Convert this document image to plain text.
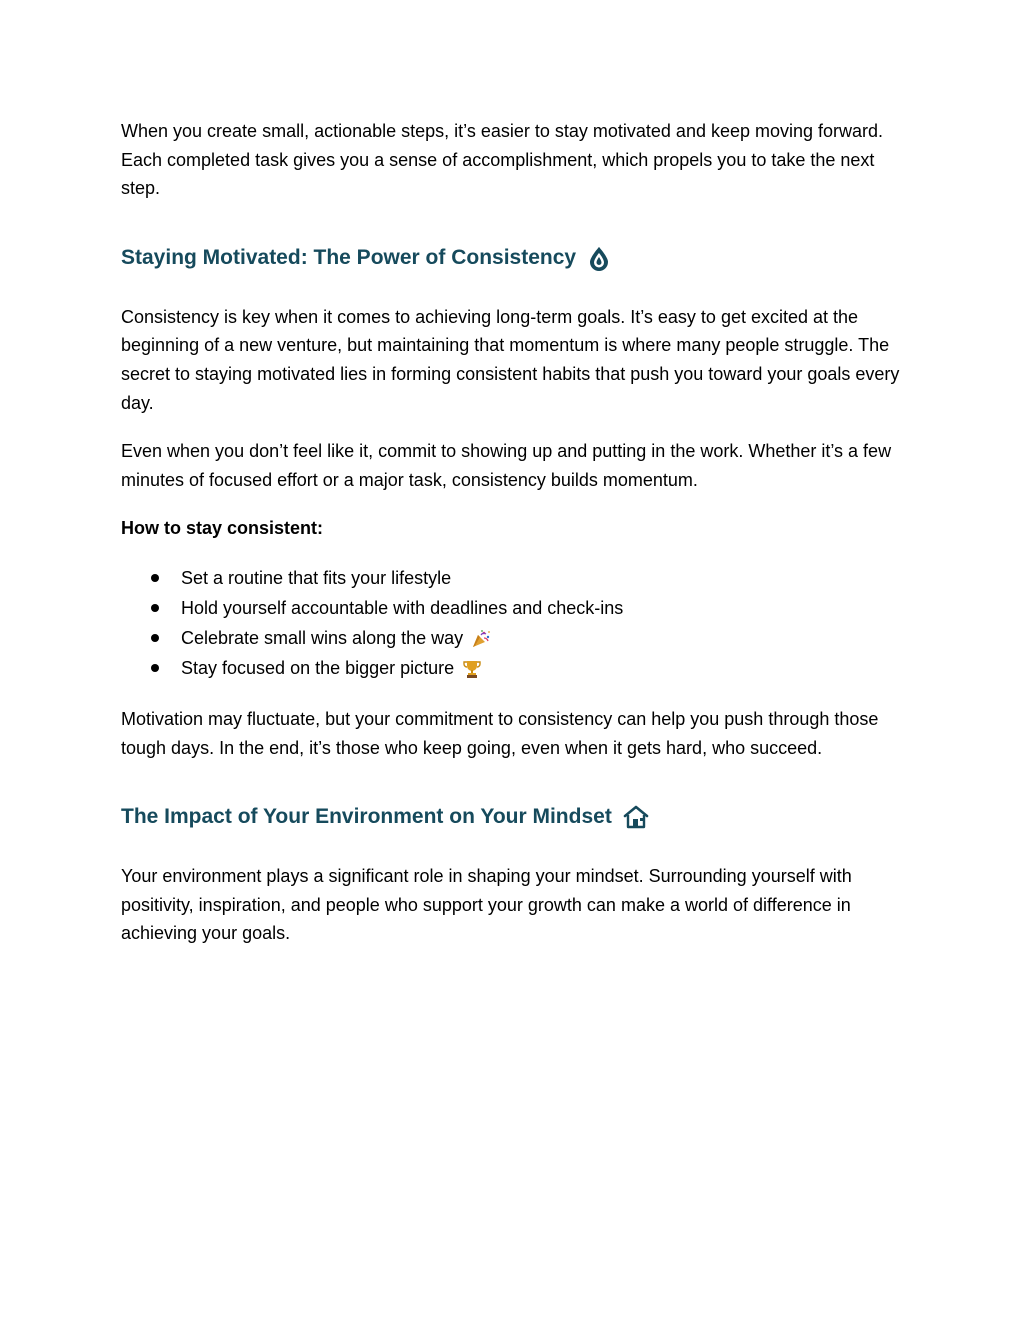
When you create small, actionable steps, it’s easier to stay motivated and keep moving forward. Each completed task gives you a sense of accomplishment, which propels you to take the next step.

Staying Motivated: The Power of Consistency

Consistency is key when it comes to achieving long-term goals. It’s easy to get excited at the beginning of a new venture, but maintaining that momentum is where many people struggle. The secret to staying motivated lies in forming consistent habits that push you toward your goals every day.

Even when you don’t feel like it, commit to showing up and putting in the work. Whether it’s a few minutes of focused effort or a major task, consistency builds momentum.

How to stay consistent:

Set a routine that fits your lifestyle
Hold yourself accountable with deadlines and check-ins
Celebrate small wins along the way
Stay focused on the bigger picture

Motivation may fluctuate, but your commitment to consistency can help you push through those tough days. In the end, it’s those who keep going, even when it gets hard, who succeed.

The Impact of Your Environment on Your Mindset

Your environment plays a significant role in shaping your mindset. Surrounding yourself with positivity, inspiration, and people who support your growth can make a world of difference in achieving your goals.
